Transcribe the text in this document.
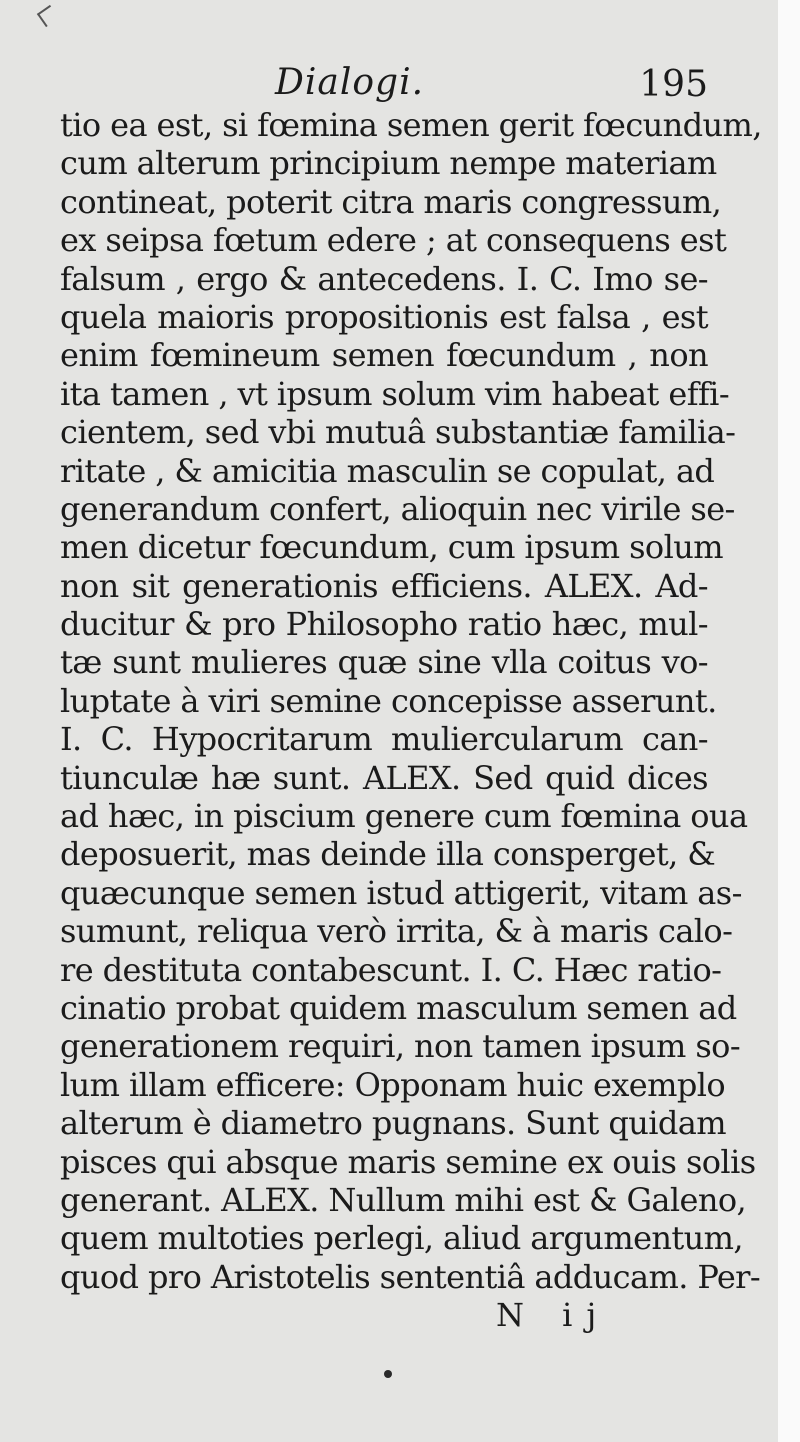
Dialogi.	195
tio ea est, si fœmina semen gerit fœcundum,
cum alterum principium nempe materiam
contineat, poterit citra maris congressum,
ex seipsa fœtum edere ; at consequens est
falsum , ergo & antecedens. I. C. Imo se-
quela maioris propositionis est falsa , est
enim fœmineum semen fœcundum , non
ita tamen , vt ipsum solum vim habeat effi-
cientem, sed vbi mutuâ substantiæ familia-
ritate , & amicitia masculin se copulat, ad
generandum confert, alioquin nec virile se-
men dicetur fœcundum, cum ipsum solum
non sit generationis efficiens. ALEX. Ad-
ducitur & pro Philosopho ratio hæc, mul-
tæ sunt mulieres quæ sine vlla coitus vo-
luptate à viri semine concepisse asserunt.
I. C. Hypocritarum muliercularum can-
tiunculæ hæ sunt. ALEX. Sed quid dices
ad hæc, in piscium genere cum fœmina oua
deposuerit, mas deinde illa consperget, &
quæcunque semen istud attigerit, vitam as-
sumunt, reliqua verò irrita, & à maris calo-
re destituta contabescunt. I. C. Hæc ratio-
cinatio probat quidem masculum semen ad
generationem requiri, non tamen ipsum so-
lum illam efficere: Opponam huic exemplo
alterum è diametro pugnans. Sunt quidam
pisces qui absque maris semine ex ouis solis
generant. ALEX. Nullum mihi est & Galeno,
quem multoties perlegi, aliud argumentum,
quod pro Aristotelis sententiâ adducam. Per-
N ij
